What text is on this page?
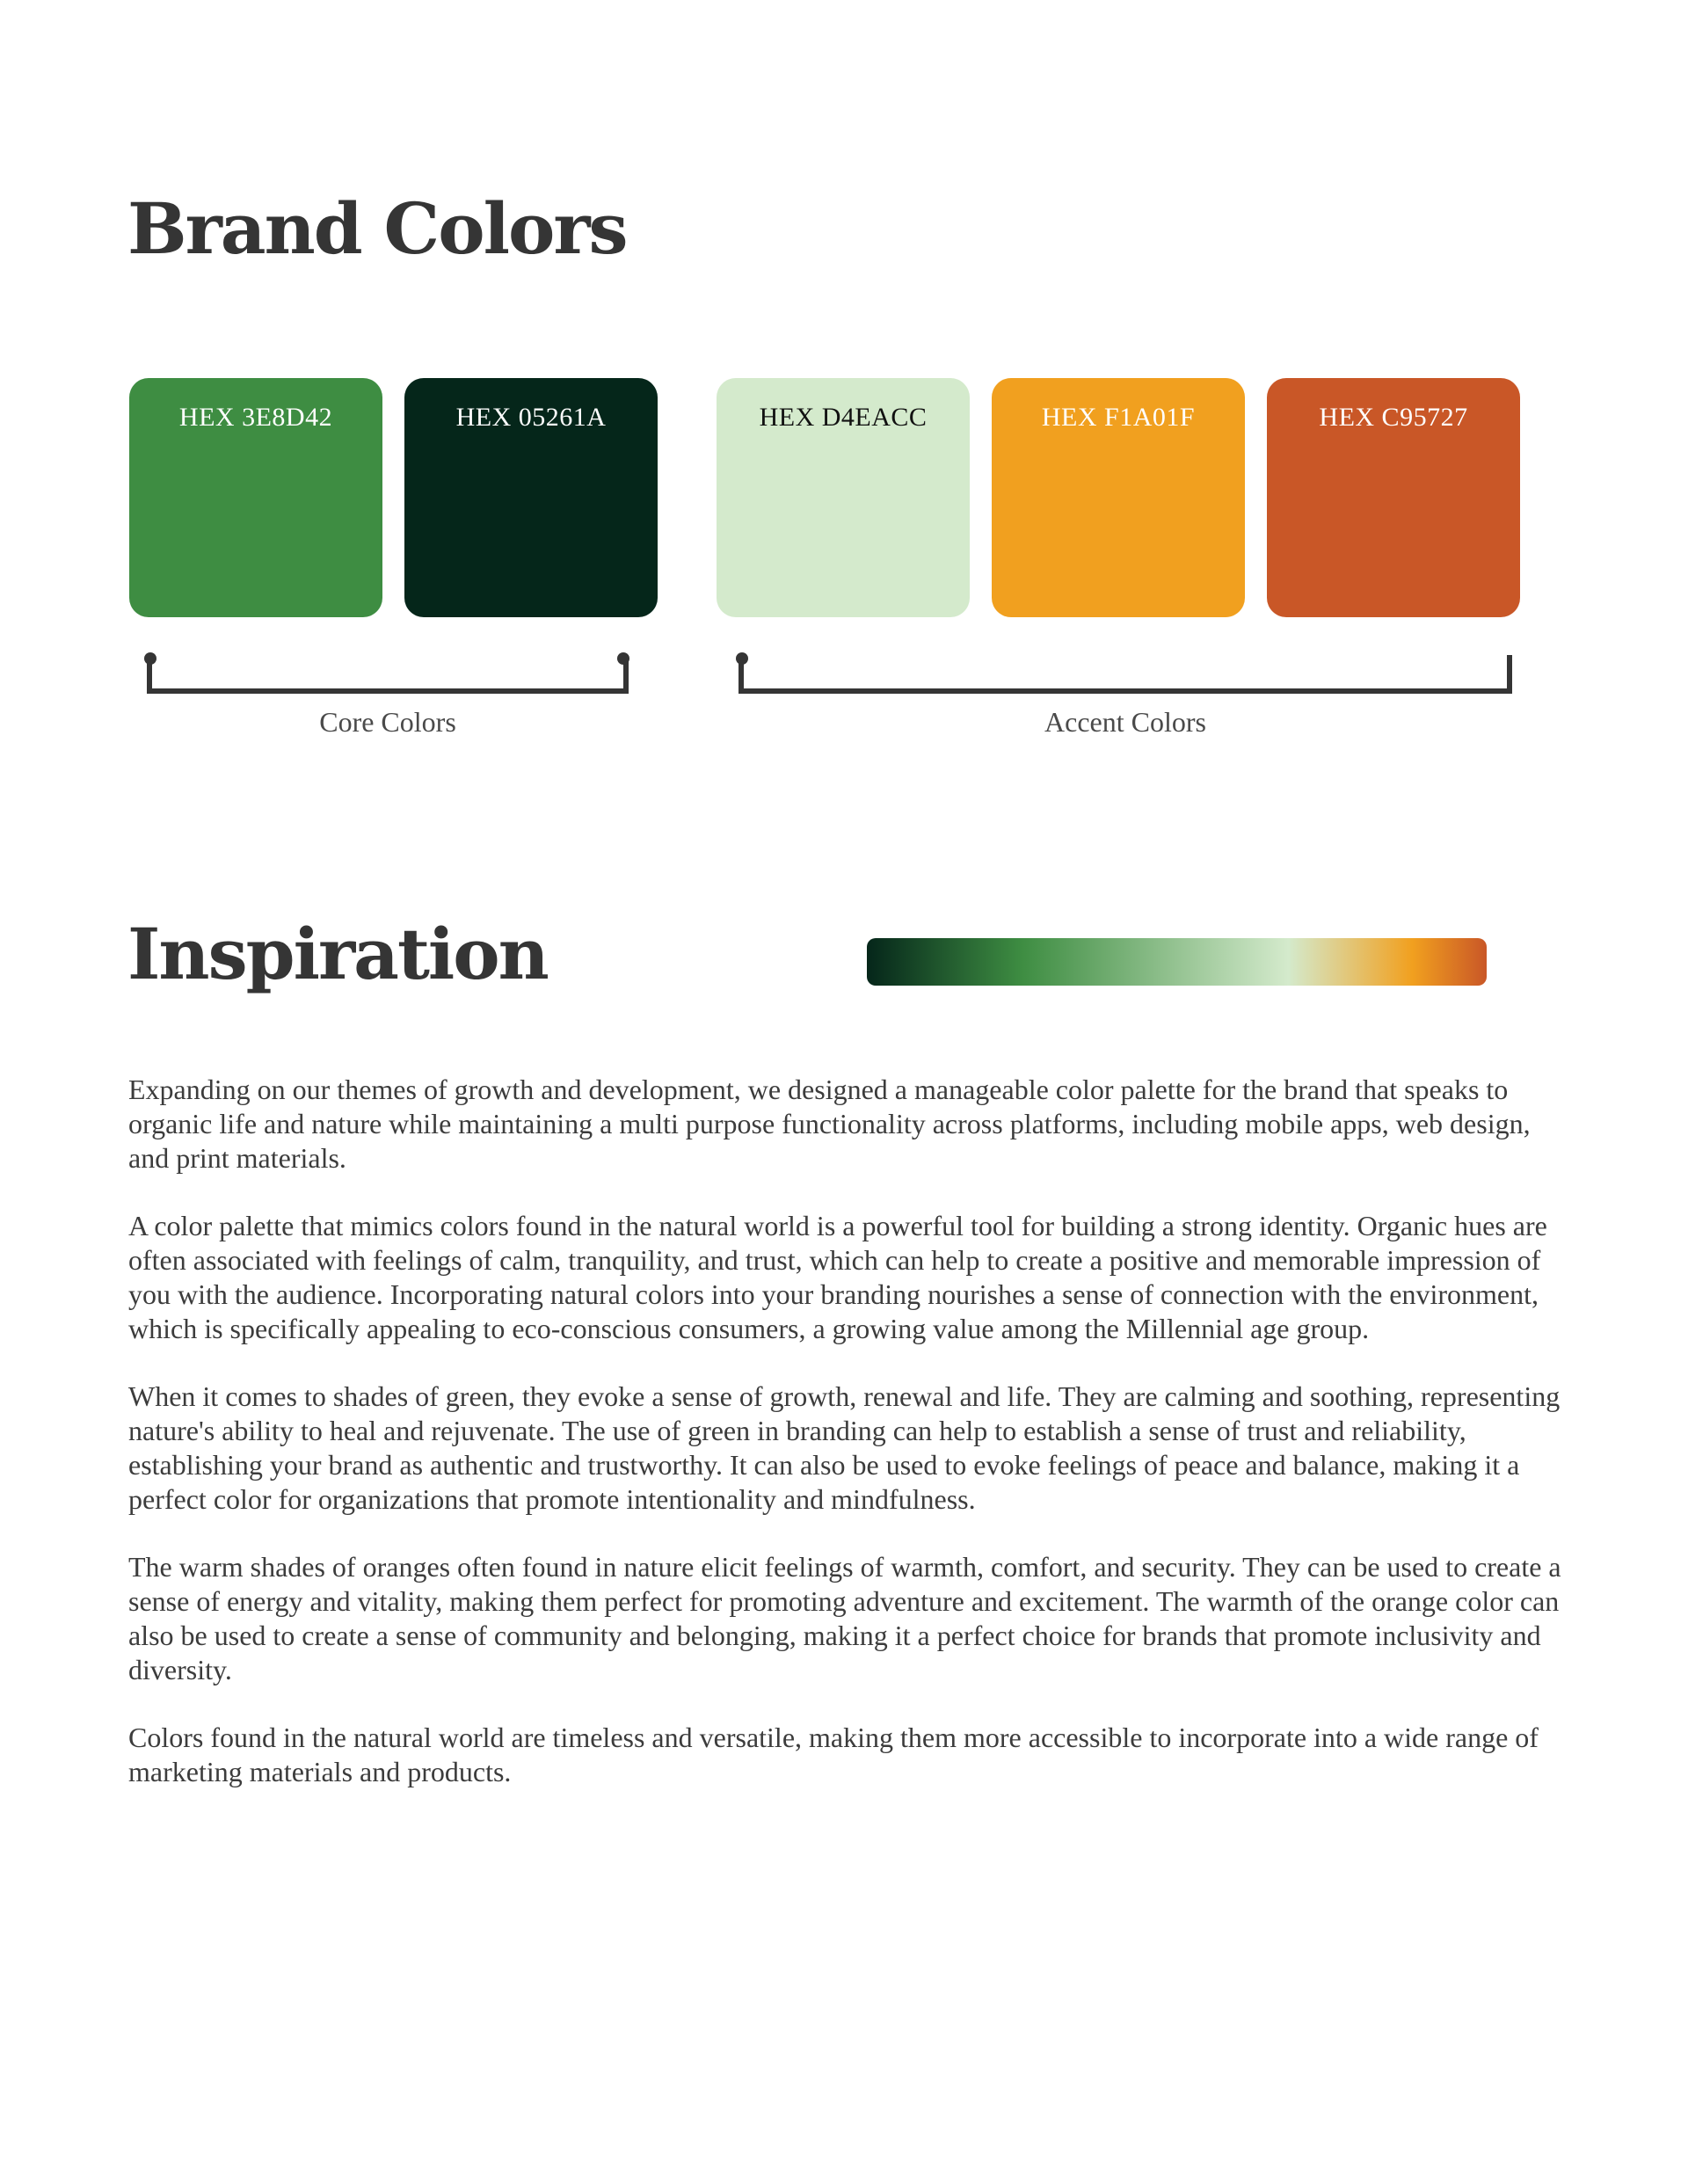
Brand Colors
HEX 3E8D42	HEX 05261A	HEX D4EACC	HEX F1A01F	HEX C95727
Core Colors	Accent Colors
Inspiration

Expanding on our themes of growth and development, we designed a manageable color palette for the brand that speaks to organic life and nature while maintaining a multi purpose functionality across platforms, including mobile apps, web design, and print materials.

A color palette that mimics colors found in the natural world is a powerful tool for building a strong identity. Organic hues are often associated with feelings of calm, tranquility, and trust, which can help to create a positive and memorable impression of you with the audience. Incorporating natural colors into your branding nourishes a sense of connection with the environment, which is specifically appealing to eco-conscious consumers, a growing value among the Millennial age group.

When it comes to shades of green, they evoke a sense of growth, renewal and life. They are calming and soothing, representing nature's ability to heal and rejuvenate. The use of green in branding can help to establish a sense of trust and reliability, establishing your brand as authentic and trustworthy. It can also be used to evoke feelings of peace and balance, making it a perfect color for organizations that promote intentionality and mindfulness.

The warm shades of oranges often found in nature elicit feelings of warmth, comfort, and security. They can be used to create a sense of energy and vitality, making them perfect for promoting adventure and excitement. The warmth of the orange color can also be used to create a sense of community and belonging, making it a perfect choice for brands that promote inclusivity and diversity.

Colors found in the natural world are timeless and versatile, making them more accessible to incorporate into a wide range of marketing materials and products.
